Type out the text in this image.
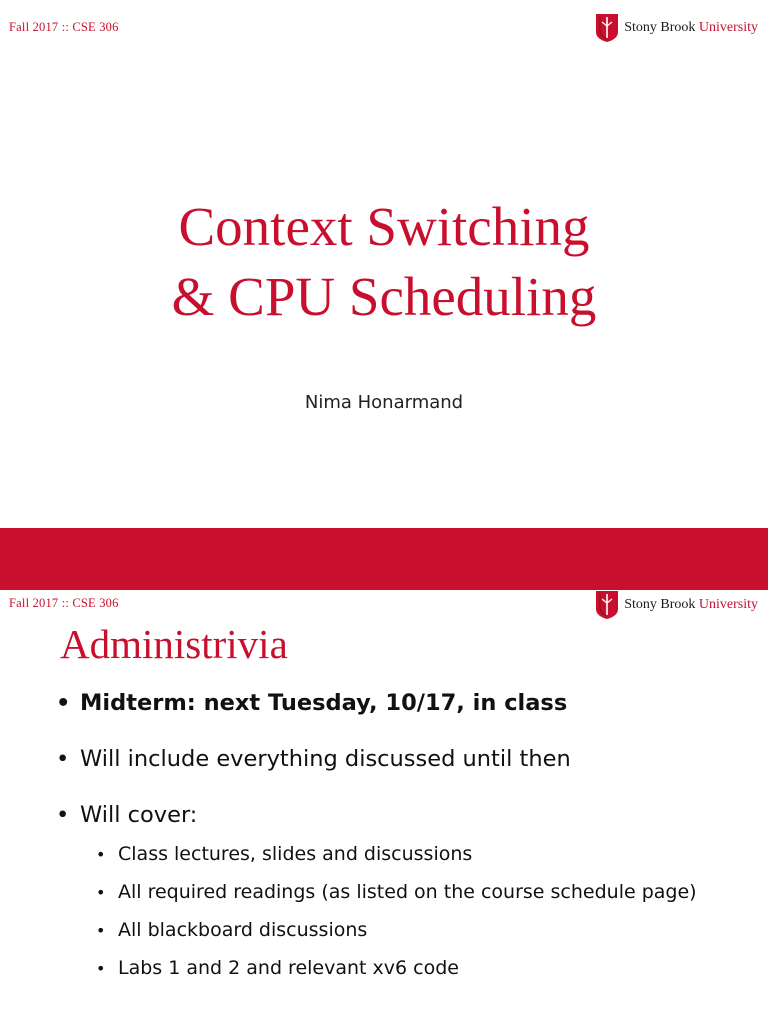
Fall 2017 :: CSE 306	Stony Brook University
Context Switching
& CPU Scheduling
Nima Honarmand
Fall 2017 :: CSE 306	Stony Brook University
Administrivia
• Midterm: next Tuesday, 10/17, in class
• Will include everything discussed until then
• Will cover:
• Class lectures, slides and discussions
• All required readings (as listed on the course schedule page)
• All blackboard discussions
• Labs 1 and 2 and relevant xv6 code
